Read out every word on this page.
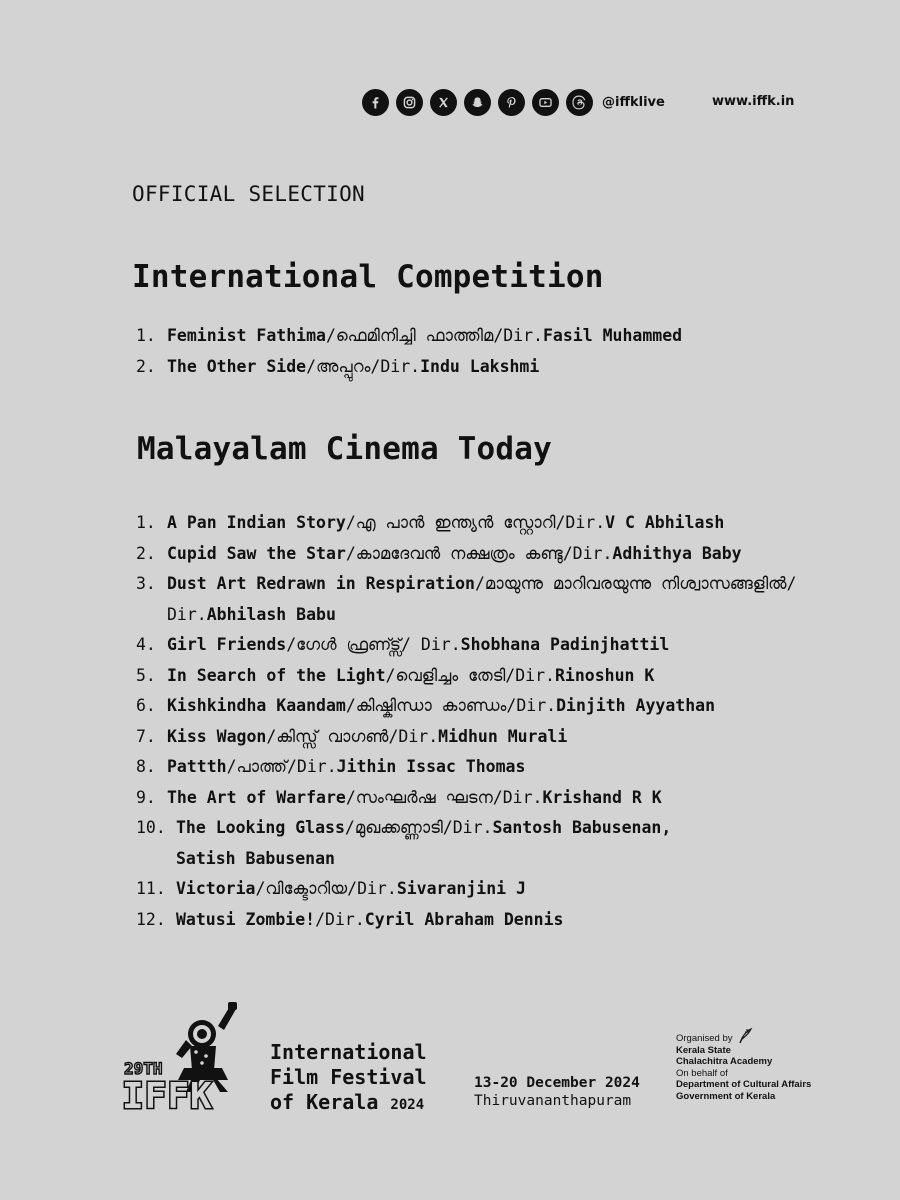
@iffklive	www.iffk.in
OFFICIAL SELECTION
International Competition
1. Feminist Fathima/ഫെമിനിച്ചി ഫാത്തിമ/Dir.Fasil Muhammed
2. The Other Side/അപ്പുറം/Dir.Indu Lakshmi
Malayalam Cinema Today
1. A Pan Indian Story/എ പാൻ ഇന്ത്യൻ സ്റ്റോറി/Dir.V C Abhilash
2. Cupid Saw the Star/കാമദേവൻ നക്ഷത്രം കണ്ടു/Dir.Adhithya Baby
3. Dust Art Redrawn in Respiration/മായുന്നു മാറിവരയുന്നു നിശ്വാസങ്ങളിൽ/
Dir.Abhilash Babu
4. Girl Friends/ഗേൾ ഫ്രണ്ട്സ്/ Dir.Shobhana Padinjhattil
5. In Search of the Light/വെളിച്ചം തേടി/Dir.Rinoshun K
6. Kishkindha Kaandam/കിഷ്കിന്ധാ കാണ്ഡം/Dir.Dinjith Ayyathan
7. Kiss Wagon/കിസ്സ് വാഗൺ/Dir.Midhun Murali
8. Pattth/പാത്ത്/Dir.Jithin Issac Thomas
9. The Art of Warfare/സംഘർഷ ഘടന/Dir.Krishand R K
10. The Looking Glass/മുഖക്കണ്ണാടി/Dir.Santosh Babusenan,
Satish Babusenan
11. Victoria/വിക്ടോറിയ/Dir.Sivaranjini J
12. Watusi Zombie!/Dir.Cyril Abraham Dennis
29TH
IFFK
International
Film Festival
of Kerala 2024
13-20 December 2024
Thiruvananthapuram
Organised by
Kerala State
Chalachitra Academy
On behalf of
Department of Cultural Affairs
Government of Kerala
